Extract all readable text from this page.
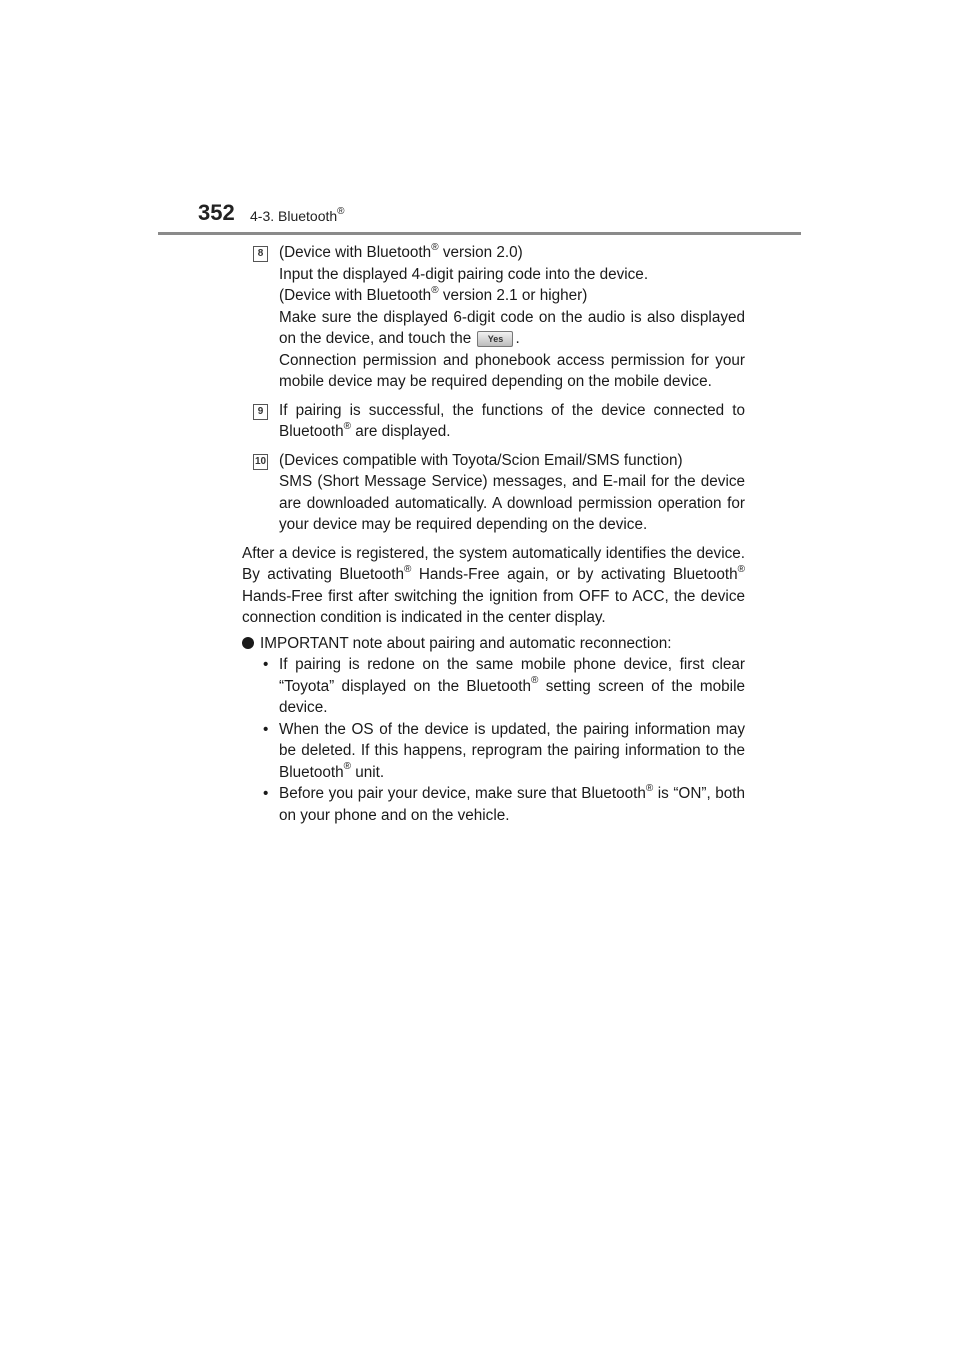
352 4-3. Bluetooth®
8	(Device with Bluetooth® version 2.0)
Input the displayed 4-digit pairing code into the device.
(Device with Bluetooth® version 2.1 or higher)
Make sure the displayed 6-digit code on the audio is also displayed on the device, and touch the Yes .
Connection permission and phonebook access permission for your mobile device may be required depending on the mobile device.
9	If pairing is successful, the functions of the device connected to Bluetooth® are displayed.
10 (Devices compatible with Toyota/Scion Email/SMS function)
SMS (Short Message Service) messages, and E-mail for the device are downloaded automatically. A download permission operation for your device may be required depending on the device.
After a device is registered, the system automatically identifies the device. By activating Bluetooth® Hands-Free again, or by activating Bluetooth® Hands-Free first after switching the ignition from OFF to ACC, the device connection condition is indicated in the center display.
IMPORTANT note about pairing and automatic reconnection:
• If pairing is redone on the same mobile phone device, first clear “Toyota” displayed on the Bluetooth® setting screen of the mobile device.
• When the OS of the device is updated, the pairing information may be deleted. If this happens, reprogram the pairing information to the Bluetooth® unit.
• Before you pair your device, make sure that Bluetooth® is “ON”, both on your phone and on the vehicle.
